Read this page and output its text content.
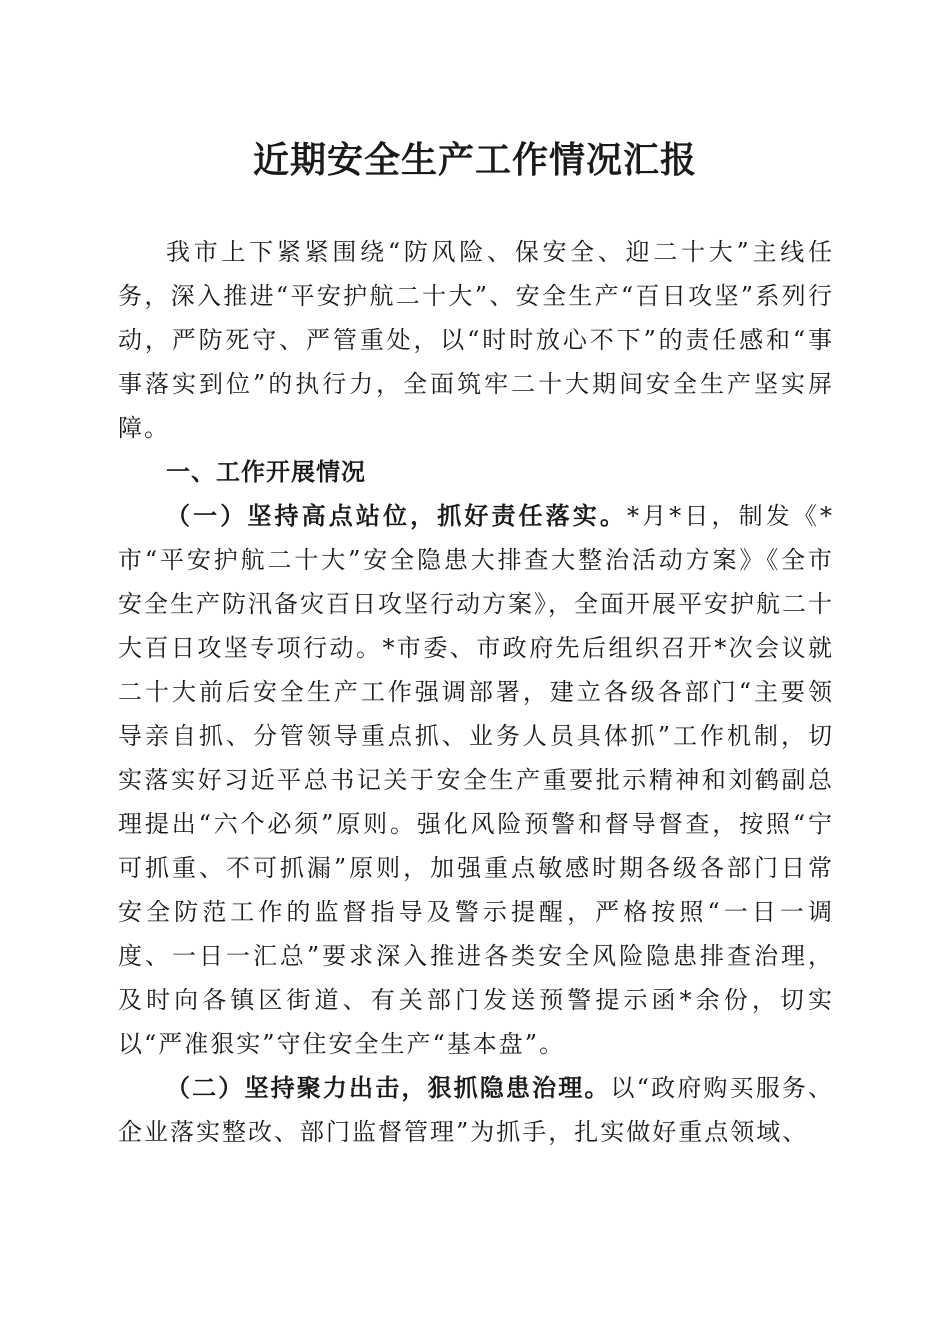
近期安全生产工作情况汇报

我市上下紧紧围绕“防风险、保安全、迎二十大”主线任务，深入推进“平安护航二十大”、安全生产“百日攻坚”系列行动，严防死守、严管重处，以“时时放心不下”的责任感和“事事落实到位”的执行力，全面筑牢二十大期间安全生产坚实屏障。

一、工作开展情况

（一）坚持高点站位，抓好责任落实。*月*日，制发《*市“平安护航二十大”安全隐患大排查大整治活动方案》《全市安全生产防汛备灾百日攻坚行动方案》，全面开展平安护航二十大百日攻坚专项行动。*市委、市政府先后组织召开*次会议就二十大前后安全生产工作强调部署，建立各级各部门“主要领导亲自抓、分管领导重点抓、业务人员具体抓”工作机制，切实落实好习近平总书记关于安全生产重要批示精神和刘鹤副总理提出“六个必须”原则。强化风险预警和督导督查，按照“宁可抓重、不可抓漏”原则，加强重点敏感时期各级各部门日常安全防范工作的监督指导及警示提醒，严格按照“一日一调度、一日一汇总”要求深入推进各类安全风险隐患排查治理，及时向各镇区街道、有关部门发送预警提示函*余份，切实以“严准狠实”守住安全生产“基本盘”。

（二）坚持聚力出击，狠抓隐患治理。以“政府购买服务、企业落实整改、部门监督管理”为抓手，扎实做好重点领域、
